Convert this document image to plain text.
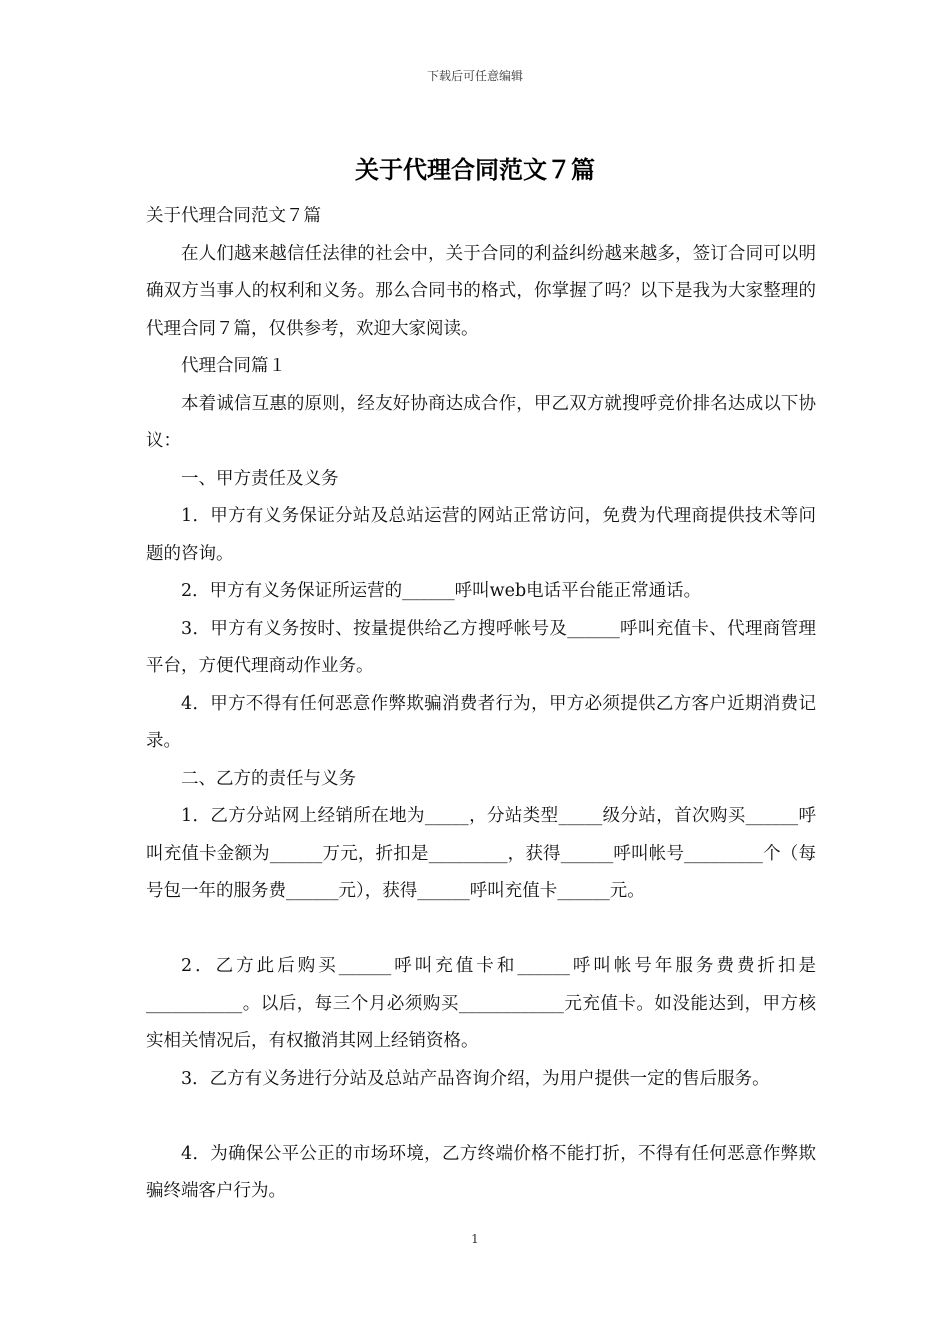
下载后可任意编辑
关于代理合同范文７篇

关于代理合同范文７篇

在人们越来越信任法律的社会中，关于合同的利益纠纷越来越多，签订合同可以明确双方当事人的权利和义务。那么合同书的格式，你掌握了吗？以下是我为大家整理的代理合同７篇，仅供参考，欢迎大家阅读。

代理合同篇１

本着诚信互惠的原则，经友好协商达成合作，甲乙双方就搜呼竞价排名达成以下协议：

一、甲方责任及义务

1．甲方有义务保证分站及总站运营的网站正常访问，免费为代理商提供技术等问题的咨询。

2．甲方有义务保证所运营的______呼叫web电话平台能正常通话。

3．甲方有义务按时、按量提供给乙方搜呼帐号及______呼叫充值卡、代理商管理平台，方便代理商动作业务。

4．甲方不得有任何恶意作弊欺骗消费者行为，甲方必须提供乙方客户近期消费记录。

二、乙方的责任与义务

1．乙方分站网上经销所在地为_____，分站类型_____级分站，首次购买______呼叫充值卡金额为______万元，折扣是_________，获得______呼叫帐号_________个（每号包一年的服务费______元），获得______呼叫充值卡______元。

2．乙方此后购买______呼叫充值卡和______呼叫帐号年服务费费折扣是___________。以后，每三个月必须购买____________元充值卡。如没能达到，甲方核实相关情况后，有权撤消其网上经销资格。

3．乙方有义务进行分站及总站产品咨询介绍，为用户提供一定的售后服务。

4．为确保公平公正的市场环境，乙方终端价格不能打折，不得有任何恶意作弊欺骗终端客户行为。

1
